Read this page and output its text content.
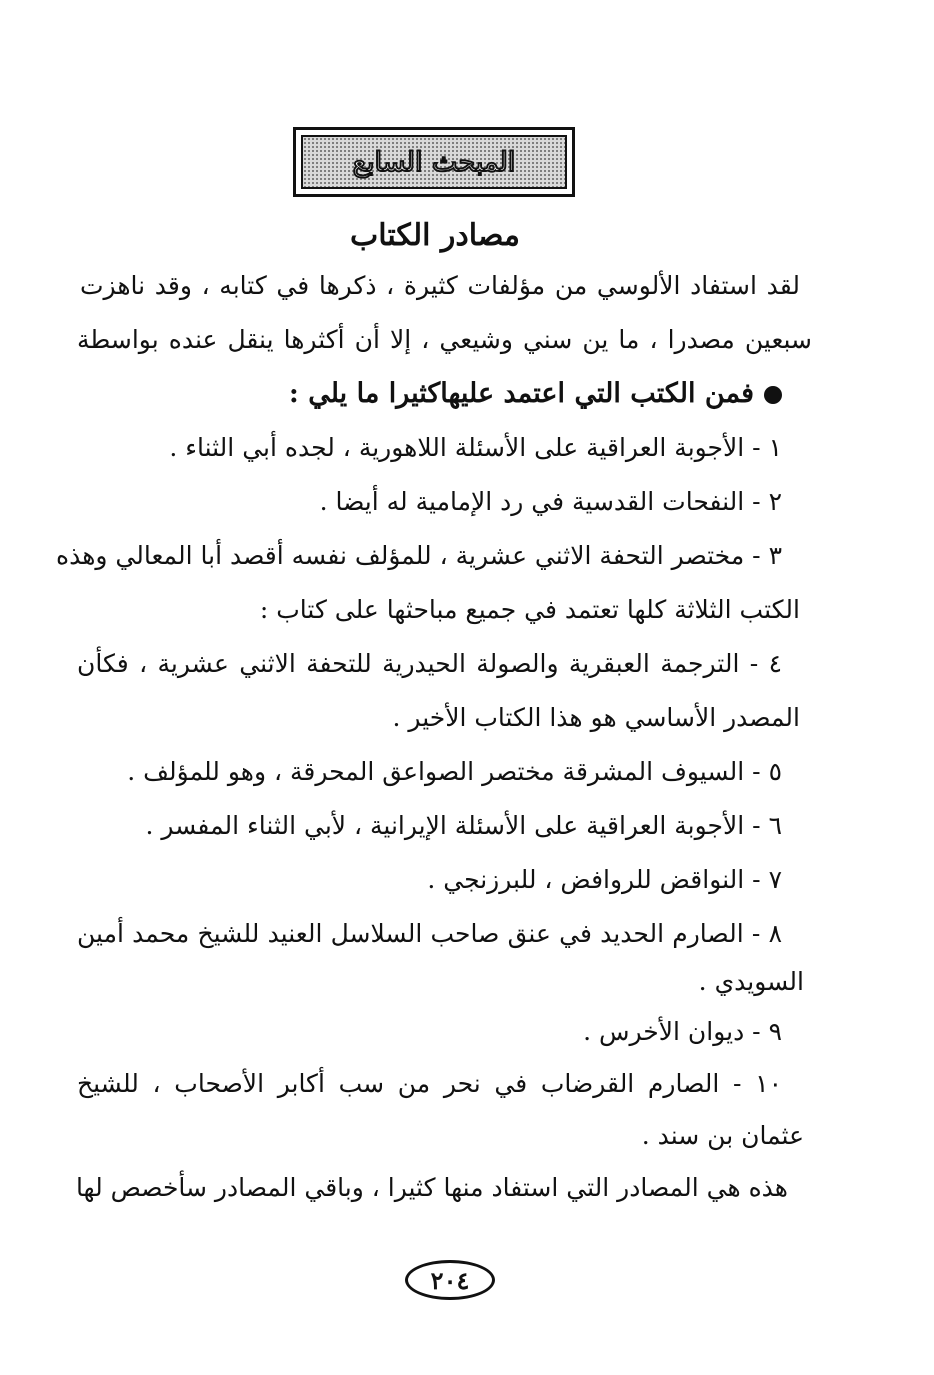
المبحث السابع
مصادر الكتاب
لقد استفاد الألوسي من مؤلفات كثيرة ، ذكرها في كتابه ، وقد ناهزت
سبعين مصدرا ، ما ين سني وشيعي ، إلا أن أكثرها ينقل عنده بواسطة
فمن الكتب التي اعتمد عليهاكثيرا ما يلي :
١ - الأجوبة العراقية على الأسئلة اللاهورية ، لجده أبي الثناء .
٢ - النفحات القدسية في رد الإمامية له أيضا .
٣ - مختصر التحفة الاثني عشرية ، للمؤلف نفسه أقصد أبا المعالي وهذه
الكتب الثلاثة كلها تعتمد في جميع مباحثها على كتاب :
٤ - الترجمة العبقرية والصولة الحيدرية للتحفة الاثني عشرية ، فكأن
المصدر الأساسي هو هذا الكتاب الأخير .
٥ - السيوف المشرقة مختصر الصواعق المحرقة ، وهو للمؤلف .
٦ - الأجوبة العراقية على الأسئلة الإيرانية ، لأبي الثناء المفسر .
٧ - النواقض للروافض ، للبرزنجي .
٨ - الصارم الحديد في عنق صاحب السلاسل العنيد للشيخ محمد أمين
السويدي .
٩ - ديوان الأخرس .
١٠ - الصارم القرضاب في نحر من سب أكابر الأصحاب ، للشيخ
عثمان بن سند .
هذه هي المصادر التي استفاد منها كثيرا ، وباقي المصادر سأخصص لها
٢٠٤
